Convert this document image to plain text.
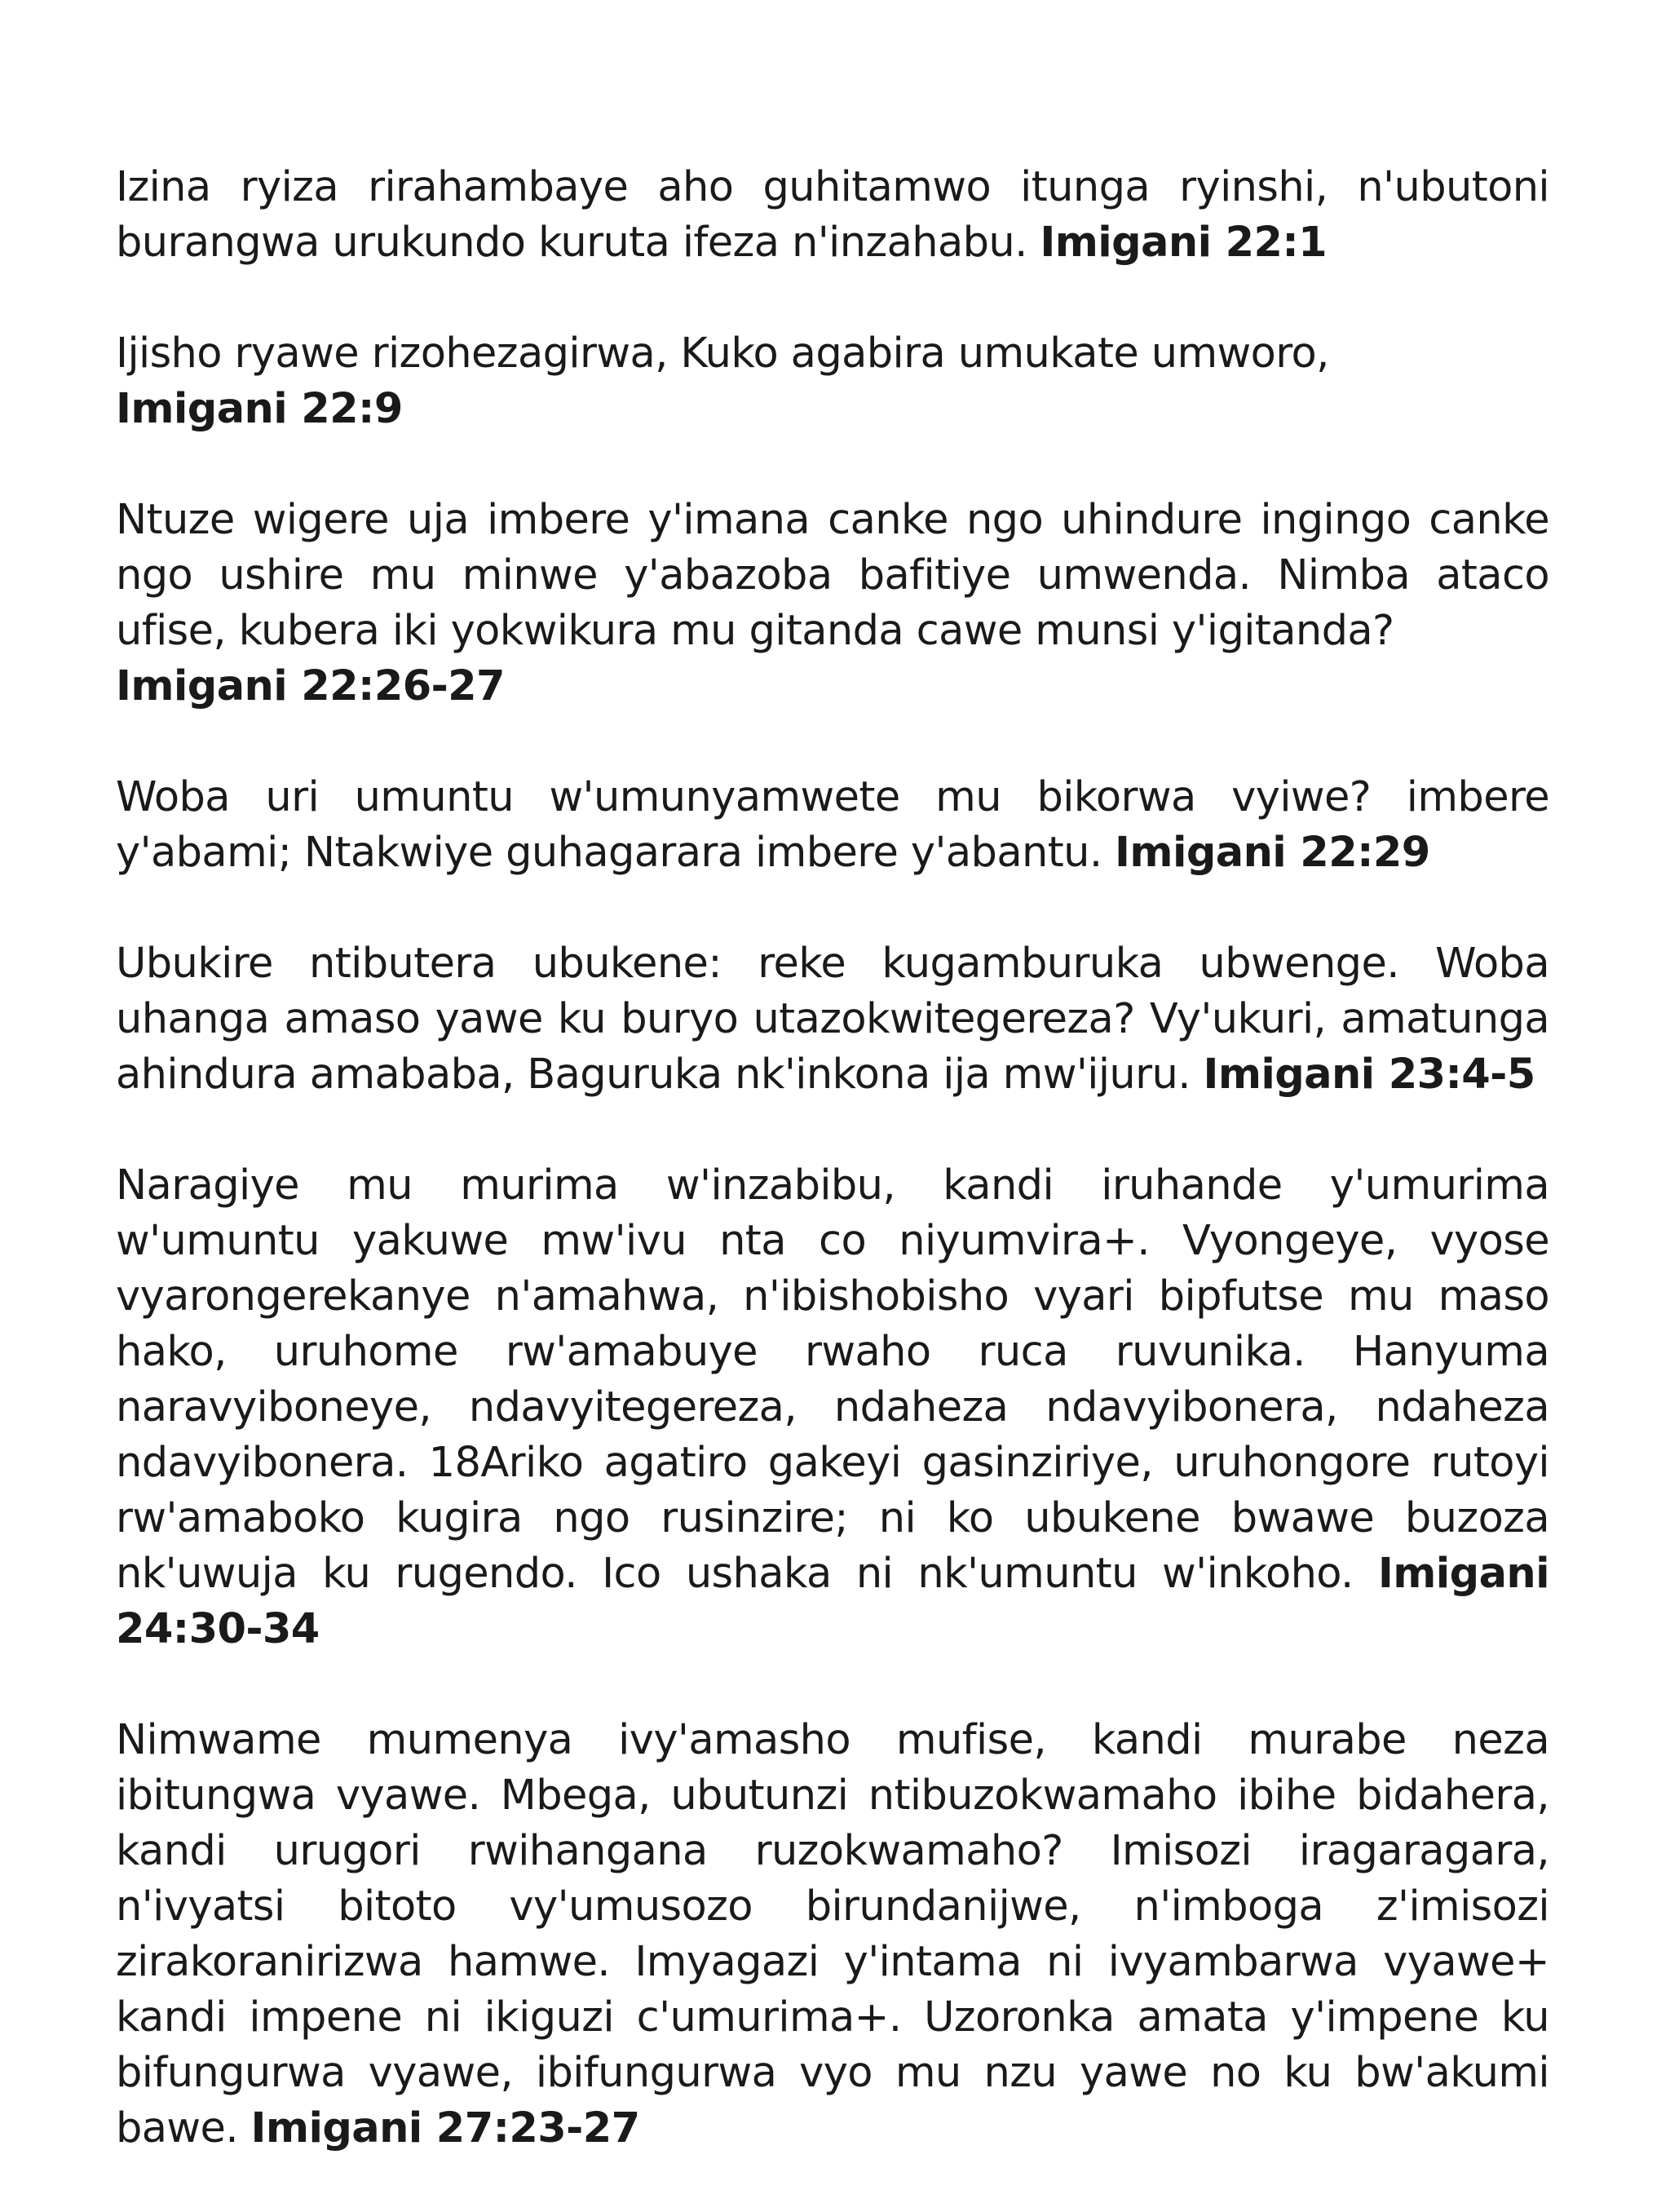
Izina ryiza rirahambaye aho guhitamwo itunga ryinshi, n'ubutoni burangwa urukundo kuruta ifeza n'inzahabu. Imigani 22:1

Ijisho ryawe rizohezagirwa, Kuko agabira umukate umworo,
Imigani 22:9

Ntuze wigere uja imbere y'imana canke ngo uhindure ingingo canke ngo ushire mu minwe y'abazoba bafitiye umwenda. Nimba ataco ufise, kubera iki yokwikura mu gitanda cawe munsi y'igitanda?
Imigani 22:26-27

Woba uri umuntu w'umunyamwete mu bikorwa vyiwe? imbere y'abami; Ntakwiye guhagarara imbere y'abantu. Imigani 22:29

Ubukire ntibutera ubukene: reke kugamburuka ubwenge. Woba uhanga amaso yawe ku buryo utazokwitegereza? Vy'ukuri, amatunga ahindura amababa, Baguruka nk'inkona ija mw'ijuru. Imigani 23:4-5

Naragiye mu murima w'inzabibu, kandi iruhande y'umurima w'umuntu yakuwe mw'ivu nta co niyumvira+. Vyongeyе, vyose vyarongerekanye n'amahwa, n'ibishobisho vyari bipfutse mu maso hako, uruhome rw'amabuye rwaho ruca ruvunika. Hanyuma naravyiboneye, ndavyitegereza, ndaheza ndavyibonera, ndaheza ndavyibonera. 18Ariko agatiro gakeyi gasinziriye, uruhongore rutoyi rw'amaboko kugira ngo rusinzire; ni ko ubukene bwawe buzoza nk'uwuja ku rugendo. Ico ushaka ni nk'umuntu w'inkoho. Imigani 24:30-34

Nimwame mumenya ivy'amasho mufise, kandi murabe neza ibitungwa vyawe. Mbega, ubutunzi ntibuzokwamaho ibihe bidahera, kandi urugori rwihangana ruzokwamaho? Imisozi iragaragara, n'ivyatsi bitoto vy'umusozo birundanijwe, n'imboga z'imisozi zirakoranirizwa hamwe. Imyagazi y'intama ni ivyambarwa vyawe+ kandi impene ni ikiguzi c'umurima+. Uzoronka amata y'impene ku bifungurwa vyawe, ibifungurwa vyo mu nzu yawe no ku bw'akumi bawe. Imigani 27:23-27
